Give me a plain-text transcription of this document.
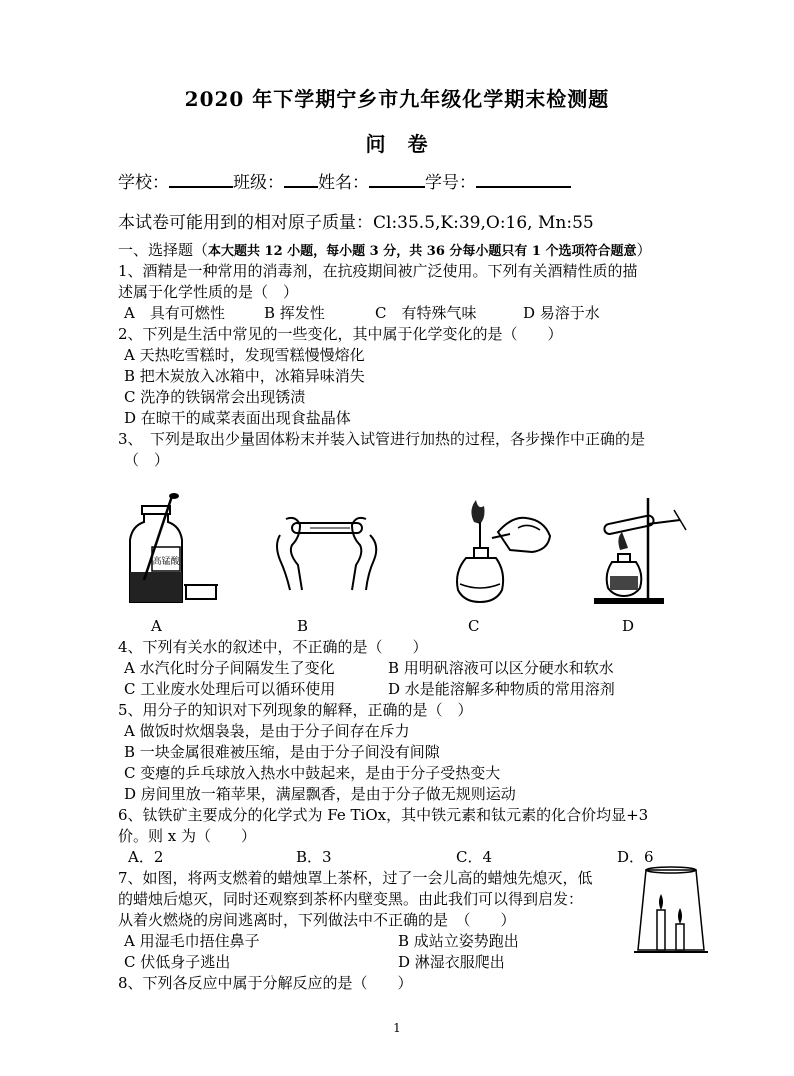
2020 年下学期宁乡市九年级化学期末检测题
问　卷
学校：	班级： 姓名：	学号：
本试卷可能用到的相对原子质量：Cl:35.5,K:39,O:16, Mn:55
一、选择题（本大题共 12 小题，每小题 3 分，共 36 分每小题只有 1 个选项符合题意）
1、酒精是一种常用的消毒剂，在抗疫期间被广泛使用。下列有关酒精性质的描
述属于化学性质的是（　）
A　具有可燃性	B 挥发性	C　有特殊气味	D 易溶于水
2、下列是生活中常见的一些变化，其中属于化学变化的是（　　）
A 天热吃雪糕时，发现雪糕慢慢熔化
B 把木炭放入冰箱中，冰箱异味消失
C 洗净的铁锅常会出现锈渍
D 在晾干的咸菜表面出现食盐晶体
3、　下列是取出少量固体粉末并装入试管进行加热的过程，各步操作中正确的是
（　）
高锰酸
A	B	C	D
4、下列有关水的叙述中，不正确的是（　　）
A 水汽化时分子间隔发生了变化	B 用明矾溶液可以区分硬水和软水
C 工业废水处理后可以循环使用	D 水是能溶解多种物质的常用溶剂
5、用分子的知识对下列现象的解释，正确的是（　）
A 做饭时炊烟袅袅，是由于分子间存在斥力
B 一块金属很难被压缩，是由于分子间没有间隙
C 变瘪的乒乓球放入热水中鼓起来，是由于分子受热变大
D 房间里放一箱苹果，满屋飘香，是由于分子做无规则运动
6、钛铁矿主要成分的化学式为 Fe TiOx，其中铁元素和钛元素的化合价均显+3
价。则 x 为（　　）
A．2	B．3	C．4	D．6
7、如图，将两支燃着的蜡烛罩上茶杯，过了一会儿高的蜡烛先熄灭，低
的蜡烛后熄灭，同时还观察到茶杯内壁变黑。由此我们可以得到启发：
从着火燃烧的房间逃离时，下列做法中不正确的是　（　　）
A 用湿毛巾捂住鼻子	B 成站立姿势跑出
C 伏低身子逃出	D 淋湿衣服爬出
8、下列各反应中属于分解反应的是（　　）
1
